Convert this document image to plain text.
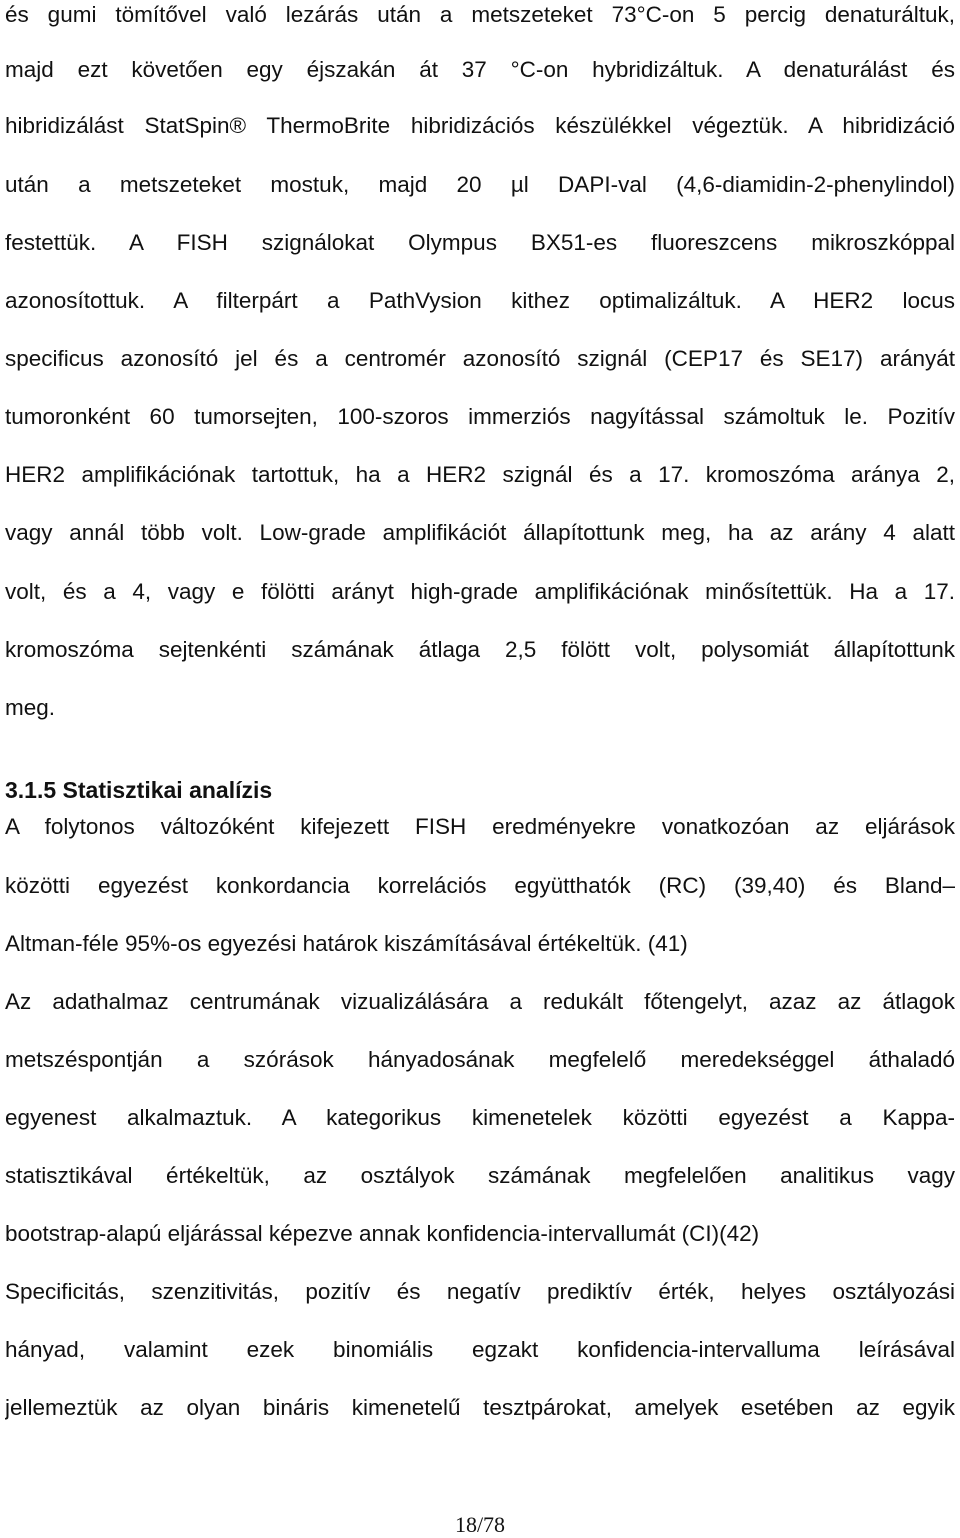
és gumi tömítővel való lezárás után a metszeteket 73°C-on 5 percig denaturáltuk,
majd ezt követően egy éjszakán át 37 °C-on hybridizáltuk. A denaturálást és
hibridizálást StatSpin® ThermoBrite hibridizációs készülékkel végeztük. A hibridizáció
után a metszeteket mostuk, majd 20 µl DAPI-val (4,6-diamidin-2-phenylindol)
festettük. A FISH szignálokat Olympus BX51-es fluoreszcens mikroszkóppal
azonosítottuk. A filterpárt a PathVysion kithez optimalizáltuk. A HER2 locus
specificus azonosító jel és a centromér azonosító szignál (CEP17 és SE17) arányát
tumoronként 60 tumorsejten, 100-szoros immerziós nagyítással számoltuk le. Pozitív
HER2 amplifikációnak tartottuk, ha a HER2 szignál és a 17. kromoszóma aránya 2,
vagy annál több volt. Low-grade amplifikációt állapítottunk meg, ha az arány 4 alatt
volt, és a 4, vagy e fölötti arányt high-grade amplifikációnak minősítettük. Ha a 17.
kromoszóma sejtenkénti számának átlaga 2,5 fölött volt, polysomiát állapítottunk
meg.
3.1.5 Statisztikai analízis
A folytonos változóként kifejezett FISH eredményekre vonatkozóan az eljárások
közötti egyezést konkordancia korrelációs együtthatók (RC) (39,40) és Bland–
Altman-féle 95%-os egyezési határok kiszámításával értékeltük. (41)
Az adathalmaz centrumának vizualizálására a redukált főtengelyt, azaz az átlagok
metszéspontján a szórások hányadosának megfelelő meredekséggel áthaladó
egyenest alkalmaztuk. A kategorikus kimenetelek közötti egyezést a Kappa-
statisztikával értékeltük, az osztályok számának megfelelően analitikus vagy
bootstrap-alapú eljárással képezve annak konfidencia-intervallumát (CI)(42)
Specificitás, szenzitivitás, pozitív és negatív prediktív érték, helyes osztályozási
hányad, valamint ezek binomiális egzakt konfidencia-intervalluma leírásával
jellemeztük az olyan bináris kimenetelű tesztpárokat, amelyek esetében az egyik
18/78
